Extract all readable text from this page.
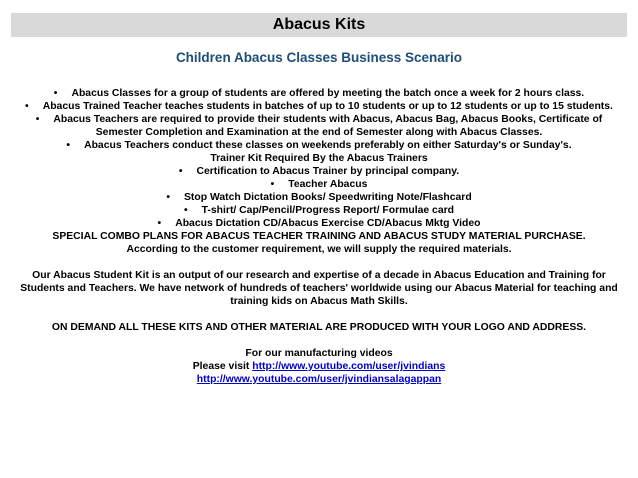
Abacus Kits
Children Abacus Classes Business Scenario
• Abacus Classes for a group of students are offered by meeting the batch once a week for 2 hours class.
• Abacus Trained Teacher teaches students in batches of up to 10 students or up to 12 students or up to 15 students.
• Abacus Teachers are required to provide their students with Abacus, Abacus Bag, Abacus Books, Certificate of Semester Completion and Examination at the end of Semester along with Abacus Classes.
• Abacus Teachers conduct these classes on weekends preferably on either Saturday's or Sunday's.

Trainer Kit Required By the Abacus Trainers

• Certification to Abacus Trainer by principal company.
• Teacher Abacus
• Stop Watch Dictation Books/ Speedwriting Note/Flashcard
• T-shirt/ Cap/Pencil/Progress Report/ Formulae card
• Abacus Dictation CD/Abacus Exercise CD/Abacus Mktg Video

SPECIAL COMBO PLANS FOR ABACUS TEACHER TRAINING AND ABACUS STUDY MATERIAL PURCHASE.

According to the customer requirement, we will supply the required materials.

Our Abacus Student Kit is an output of our research and expertise of a decade in Abacus Education and Training for Students and Teachers. We have network of hundreds of teachers' worldwide using our Abacus Material for teaching and training kids on Abacus Math Skills.

ON DEMAND ALL THESE KITS AND OTHER MATERIAL ARE PRODUCED WITH YOUR LOGO AND ADDRESS.

For our manufacturing videos

Please visit http://www.youtube.com/user/jvindians

http://www.youtube.com/user/jvindiansalagappan
